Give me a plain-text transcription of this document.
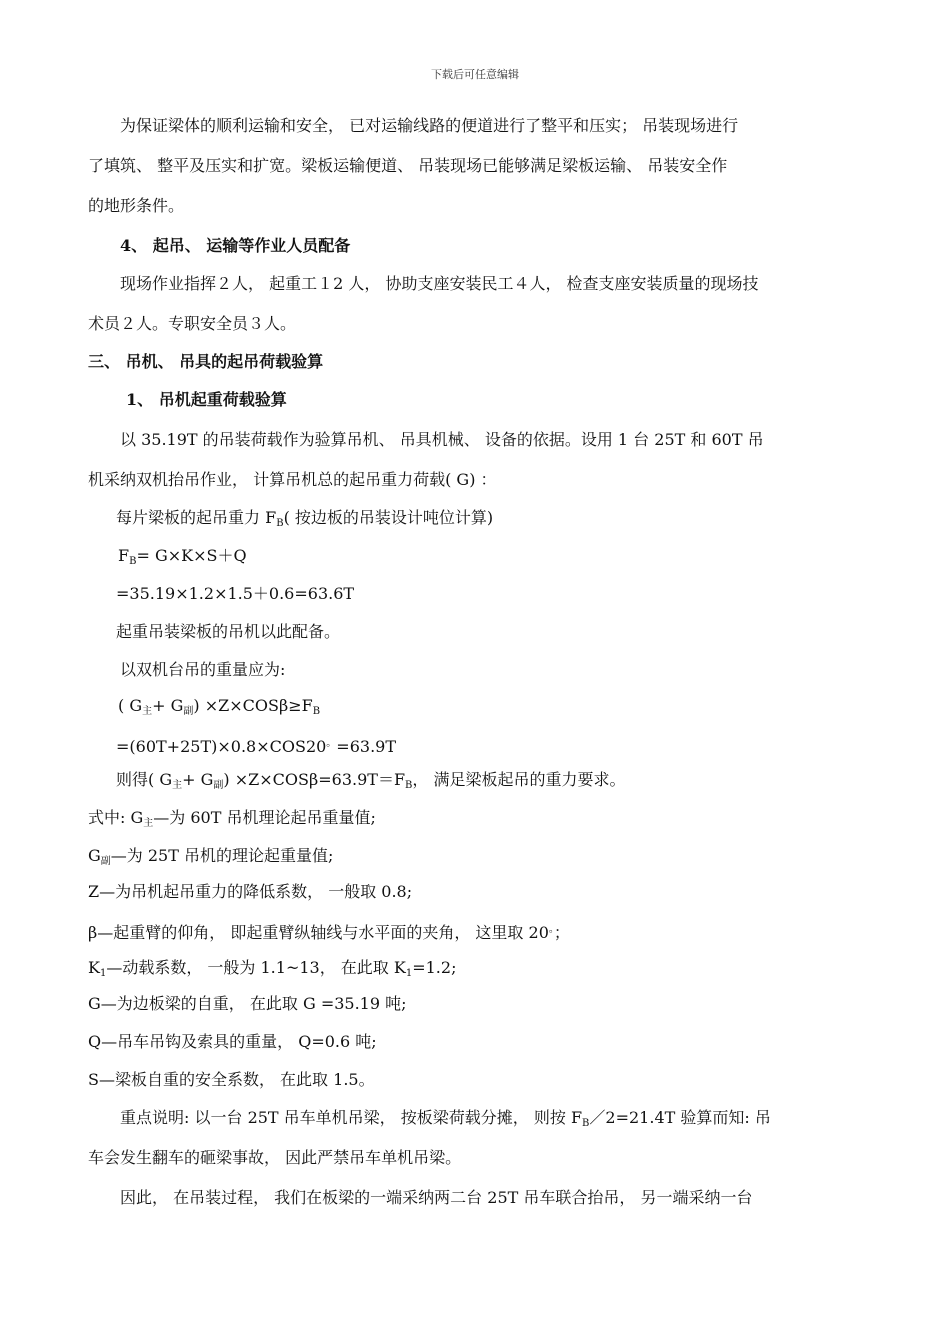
下载后可任意编辑
为保证梁体的顺利运输和安全， 已对运输线路的便道进行了整平和压实； 吊装现场进行
了填筑、 整平及压实和扩宽。梁板运输便道、 吊装现场已能够满足梁板运输、 吊装安全作
的地形条件。
4、 起吊、 运输等作业人员配备
现场作业指挥２人， 起重工１2 人， 协助支座安装民工４人， 检查支座安装质量的现场技
术员２人。专职安全员３人。
三、 吊机、 吊具的起吊荷载验算
1、 吊机起重荷载验算
以 35.19T 的吊装荷载作为验算吊机、 吊具机械、 设备的依据。设用 1 台 25T 和 60T 吊
机采纳双机抬吊作业， 计算吊机总的起吊重力荷载( G) ：
每片梁板的起吊重力 $F_B$( 按边板的吊装设计吨位计算)
$F_B= G\times K\times S+Q$
=35.19×1.2×1.5＋0.6=63.6T
起重吊装梁板的吊机以此配备。
以双机台吊的重量应为:
( $G_主+ G_副) \times Z\times COS\beta\ge F_B$
=(60T+25T)×0.8×COS20。=63.9T
则得( $G_主+ G_副) \times Z\times COS\beta=63.9T=F_B$， 满足梁板起吊的重力要求。
式中: $G_主—$为 60T 吊机理论起吊重量值;
$G_副—$为 25T 吊机的理论起重量值;
Z—为吊机起吊重力的降低系数， 一般取 0.8;
β—起重臂的仰角， 即起重臂纵轴线与水平面的夹角， 这里取 20。；
$K_1—$动载系数， 一般为 1.1~13， 在此取 $K_1=1.2$;
G—为边板梁的自重， 在此取 G =35.19 吨;
Q—吊车吊钩及索具的重量， Q=0.6 吨;
S—梁板自重的安全系数， 在此取 1.5。
重点说明: 以一台 25T 吊车单机吊梁， 按板梁荷载分摊， 则按 $F_B/2=21.4T$ 验算而知: 吊
车会发生翻车的砸梁事故， 因此严禁吊车单机吊梁。
因此， 在吊装过程， 我们在板梁的一端采纳两二台 25T 吊车联合抬吊， 另一端采纳一台
